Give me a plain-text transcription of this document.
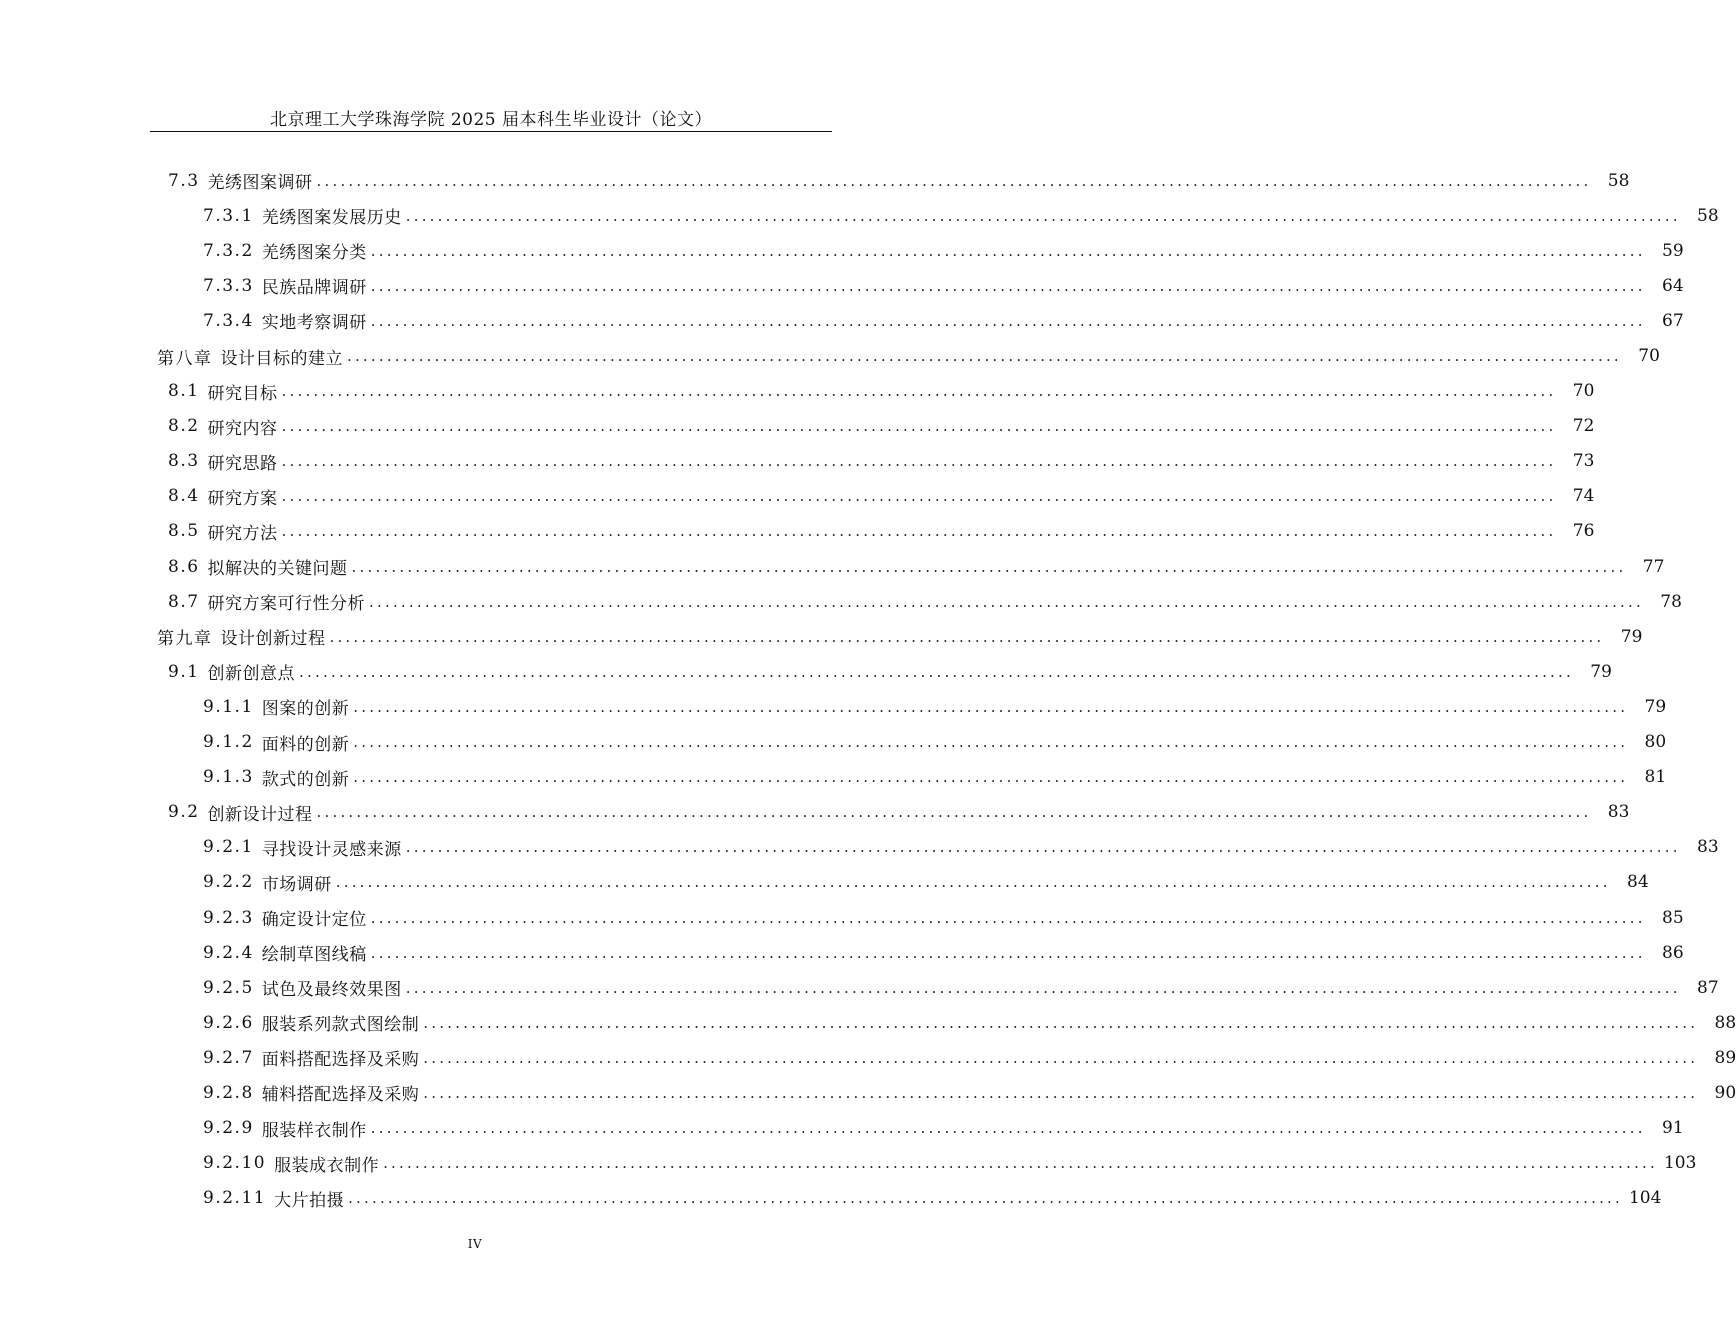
北京理工大学珠海学院 2025 届本科生毕业设计（论文）
7.3 羌绣图案调研 ................................................................................................................................................................ 58
7.3.1 羌绣图案发展历史 ................................................................................................................................................................ 58
7.3.2 羌绣图案分类 ................................................................................................................................................................ 59
7.3.3 民族品牌调研 ................................................................................................................................................................ 64
7.3.4 实地考察调研 ................................................................................................................................................................ 67
第八章 设计目标的建立 ................................................................................................................................................................ 70
8.1 研究目标 ................................................................................................................................................................ 70
8.2 研究内容 ................................................................................................................................................................ 72
8.3 研究思路 ................................................................................................................................................................ 73
8.4 研究方案 ................................................................................................................................................................ 74
8.5 研究方法 ................................................................................................................................................................ 76
8.6 拟解决的关键问题 ................................................................................................................................................................ 77
8.7 研究方案可行性分析 ................................................................................................................................................................ 78
第九章 设计创新过程 ................................................................................................................................................................ 79
9.1 创新创意点 ................................................................................................................................................................ 79
9.1.1 图案的创新 ................................................................................................................................................................ 79
9.1.2 面料的创新 ................................................................................................................................................................ 80
9.1.3 款式的创新 ................................................................................................................................................................ 81
9.2 创新设计过程 ................................................................................................................................................................ 83
9.2.1 寻找设计灵感来源 ................................................................................................................................................................ 83
9.2.2 市场调研 ................................................................................................................................................................ 84
9.2.3 确定设计定位 ................................................................................................................................................................ 85
9.2.4 绘制草图线稿 ................................................................................................................................................................ 86
9.2.5 试色及最终效果图 ................................................................................................................................................................ 87
9.2.6 服装系列款式图绘制 ................................................................................................................................................................ 88
9.2.7 面料搭配选择及采购 ................................................................................................................................................................ 89
9.2.8 辅料搭配选择及采购 ................................................................................................................................................................ 90
9.2.9 服装样衣制作 ................................................................................................................................................................ 91
9.2.10 服装成衣制作 ................................................................................................................................................................ 103
9.2.11 大片拍摄 ................................................................................................................................................................ 104
IV
